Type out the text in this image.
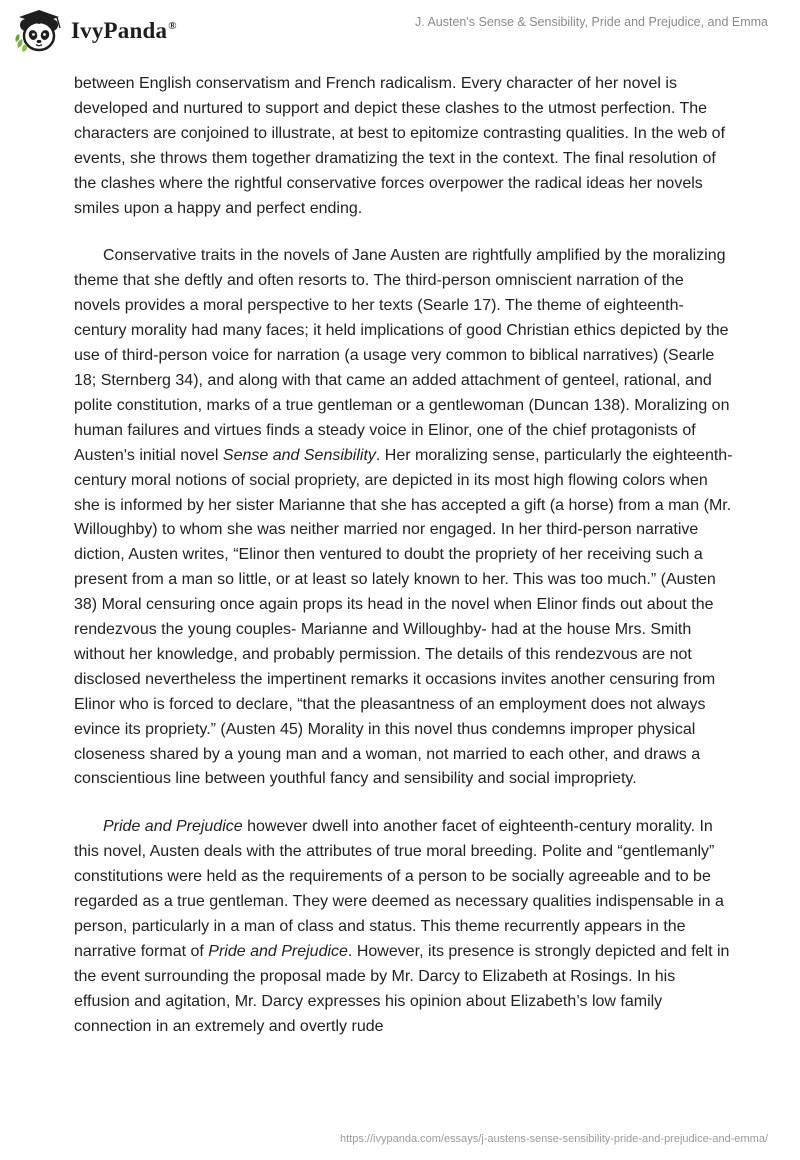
IvyPanda®	J. Austen's Sense & Sensibility, Pride and Prejudice, and Emma

between English conservatism and French radicalism. Every character of her novel is developed and nurtured to support and depict these clashes to the utmost perfection. The characters are conjoined to illustrate, at best to epitomize contrasting qualities. In the web of events, she throws them together dramatizing the text in the context. The final resolution of the clashes where the rightful conservative forces overpower the radical ideas her novels smiles upon a happy and perfect ending.

Conservative traits in the novels of Jane Austen are rightfully amplified by the moralizing theme that she deftly and often resorts to. The third-person omniscient narration of the novels provides a moral perspective to her texts (Searle 17). The theme of eighteenth-century morality had many faces; it held implications of good Christian ethics depicted by the use of third-person voice for narration (a usage very common to biblical narratives) (Searle 18; Sternberg 34), and along with that came an added attachment of genteel, rational, and polite constitution, marks of a true gentleman or a gentlewoman (Duncan 138). Moralizing on human failures and virtues finds a steady voice in Elinor, one of the chief protagonists of Austen's initial novel Sense and Sensibility. Her moralizing sense, particularly the eighteenth-century moral notions of social propriety, are depicted in its most high flowing colors when she is informed by her sister Marianne that she has accepted a gift (a horse) from a man (Mr. Willoughby) to whom she was neither married nor engaged. In her third-person narrative diction, Austen writes, “Elinor then ventured to doubt the propriety of her receiving such a present from a man so little, or at least so lately known to her. This was too much.” (Austen 38) Moral censuring once again props its head in the novel when Elinor finds out about the rendezvous the young couples- Marianne and Willoughby- had at the house Mrs. Smith without her knowledge, and probably permission. The details of this rendezvous are not disclosed nevertheless the impertinent remarks it occasions invites another censuring from Elinor who is forced to declare, “that the pleasantness of an employment does not always evince its propriety.” (Austen 45) Morality in this novel thus condemns improper physical closeness shared by a young man and a woman, not married to each other, and draws a conscientious line between youthful fancy and sensibility and social impropriety.

Pride and Prejudice however dwell into another facet of eighteenth-century morality. In this novel, Austen deals with the attributes of true moral breeding. Polite and “gentlemanly” constitutions were held as the requirements of a person to be socially agreeable and to be regarded as a true gentleman. They were deemed as necessary qualities indispensable in a person, particularly in a man of class and status. This theme recurrently appears in the narrative format of Pride and Prejudice. However, its presence is strongly depicted and felt in the event surrounding the proposal made by Mr. Darcy to Elizabeth at Rosings. In his effusion and agitation, Mr. Darcy expresses his opinion about Elizabeth’s low family connection in an extremely and overtly rude

https://ivypanda.com/essays/j-austens-sense-sensibility-pride-and-prejudice-and-emma/
